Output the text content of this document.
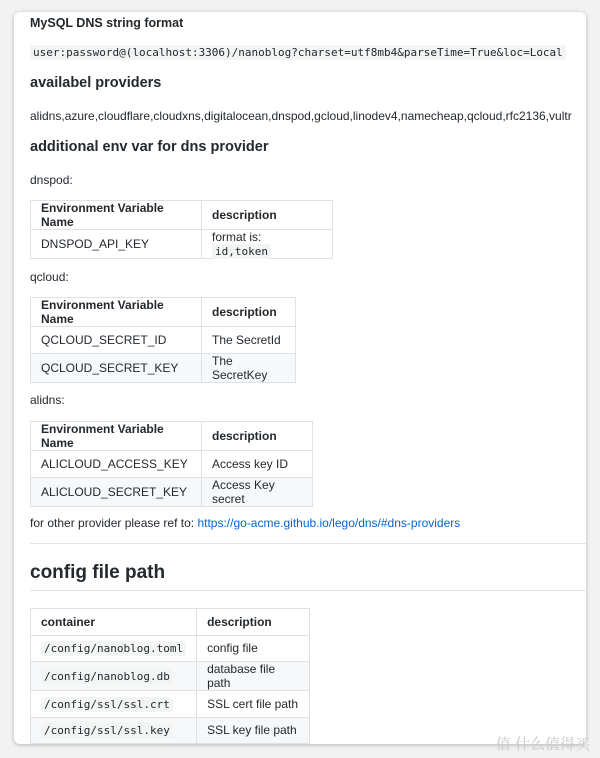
MySQL DNS string format
user:password@(localhost:3306)/nanoblog?charset=utf8mb4&parseTime=True&loc=Local
availabel providers
alidns,azure,cloudflare,cloudxns,digitalocean,dnspod,gcloud,linodev4,namecheap,qcloud,rfc2136,vultr
additional env var for dns provider
dnspod:
Environment Variable Name	description
DNSPOD_API_KEY	format is: id,token
qcloud:
Environment Variable Name	description
QCLOUD_SECRET_ID	The SecretId
QCLOUD_SECRET_KEY	The SecretKey
alidns:
Environment Variable Name	description
ALICLOUD_ACCESS_KEY	Access key ID
ALICLOUD_SECRET_KEY	Access Key secret
for other provider please ref to: https://go-acme.github.io/lego/dns/#dns-providers
config file path
container	description
/config/nanoblog.toml	config file
/config/nanoblog.db	database file path
/config/ssl/ssl.crt	SSL cert file path
/config/ssl/ssl.key	SSL key file path
值 什么值得买
